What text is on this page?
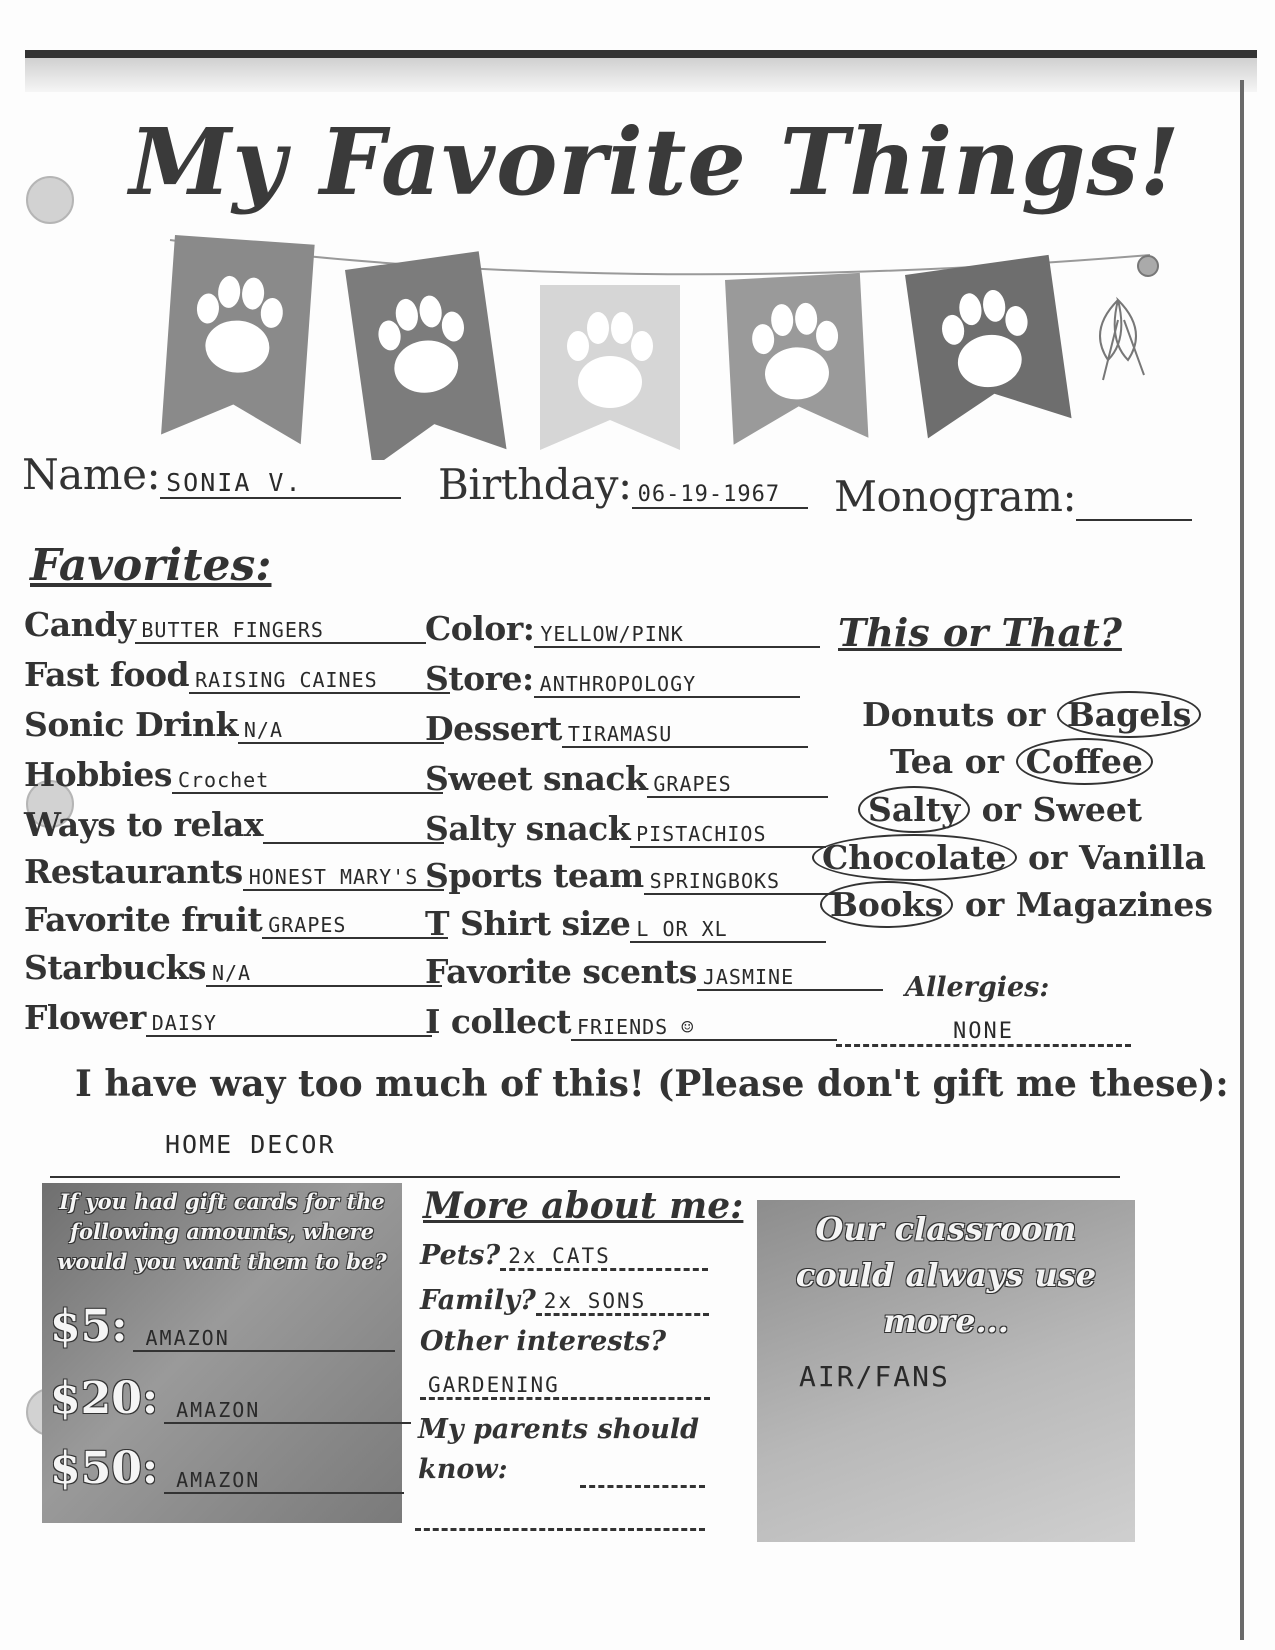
My Favorite Things!
Name: SONIA V.	Birthday: 06-19-1967 Monogram:
Favorites:
Candy BUTTER FINGERS
Fast food RAISING CAINES
Sonic Drink N/A
Hobbies Crochet
Ways to relax
Restaurants HONEST MARY'S
Favorite fruit GRAPES
Starbucks N/A
Flower DAISY
Color: YELLOW/PINK
Store: ANTHROPOLOGY
Dessert TIRAMASU
Sweet snack GRAPES
Salty snack PISTACHIOS
Sports team SPRINGBOKS
T Shirt size L OR XL
Favorite scents JASMINE
I collect FRIENDS ☺
This or That?
Donuts or Bagels
Tea or Coffee
Salty or Sweet
Chocolate or Vanilla
Books or Magazines
Allergies:
NONE
I have way too much of this! (Please don't gift me these):
HOME DECOR
If you had gift cards for the following amounts, where would you want them to be?
$5: AMAZON
$20: AMAZON
$50: AMAZON
More about me:
Pets? 2x CATS
Family? 2x SONS
Other interests?
GARDENING
My parents should know:
Our classroom could always use more...
AIR/FANS
